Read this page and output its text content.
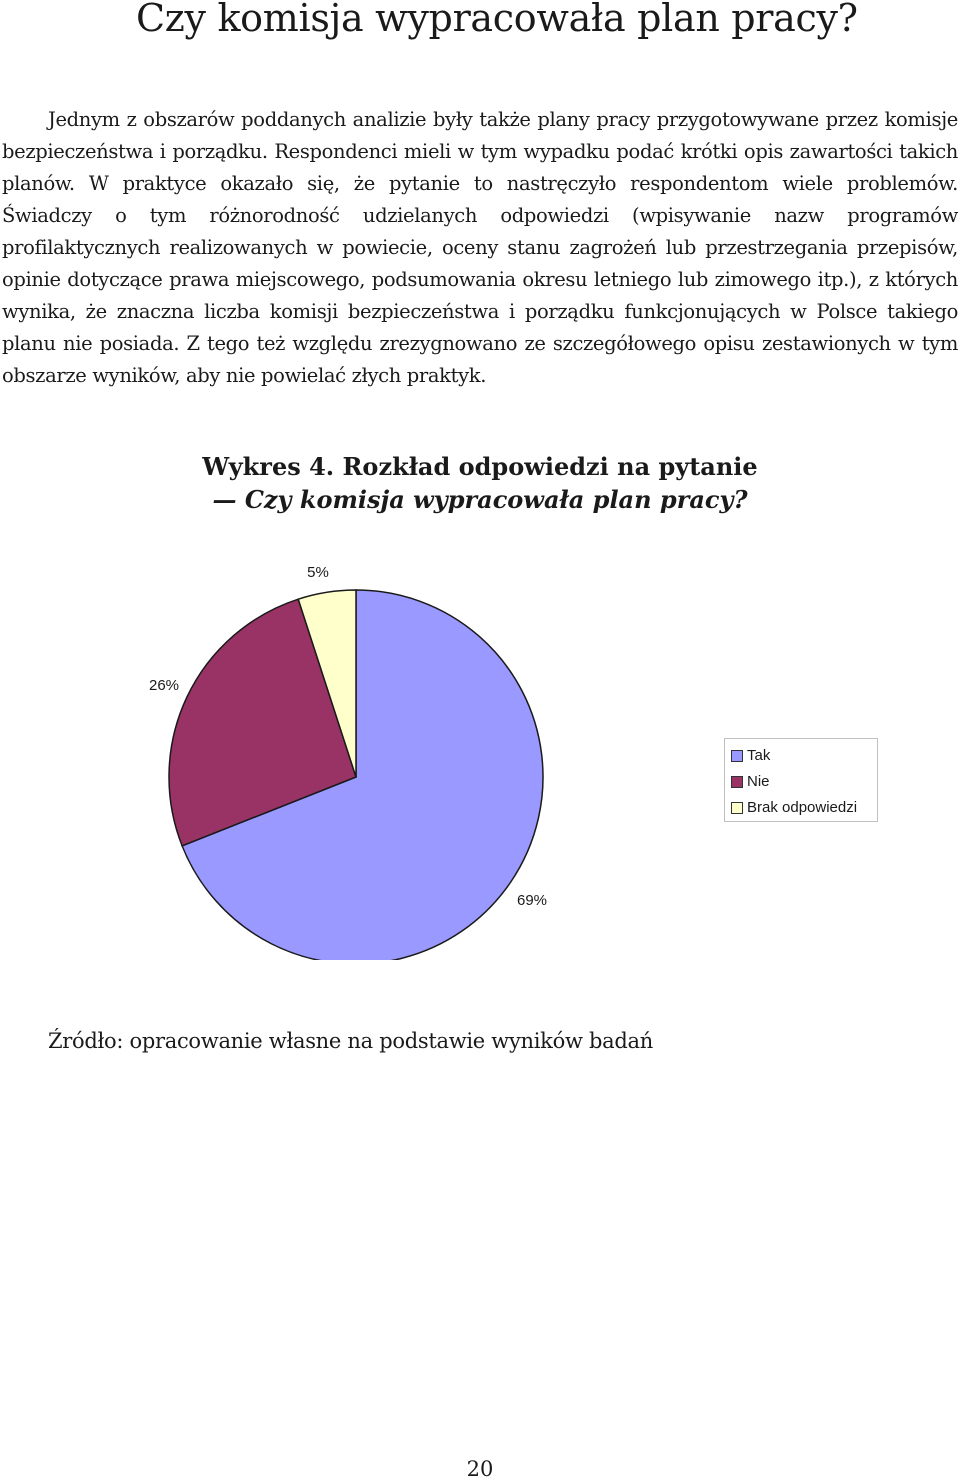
Czy komisja wypracowała plan pracy?

Jednym z obszarów poddanych analizie były także plany pracy przygotowywane przez komisje bezpieczeństwa i porządku. Respondenci mieli w tym wypadku podać krótki opis zawartości takich planów. W praktyce okazało się, że pytanie to nastręczyło respondentom wiele problemów. Świadczy o tym różnorodność udzielanych odpowiedzi (wpisywanie nazw programów profilaktycznych realizowanych w powiecie, oceny stanu zagrożeń lub przestrzegania przepisów, opinie dotyczące prawa miejscowego, podsumowania okresu letniego lub zimowego itp.), z których wynika, że znaczna liczba komisji bezpieczeństwa i porządku funkcjonujących w Polsce takiego planu nie posiada. Z tego też względu zrezygnowano ze szczegółowego opisu zestawionych w tym obszarze wyników, aby nie powielać złych praktyk.

Wykres 4. Rozkład odpowiedzi na pytanie
— Czy komisja wypracowała plan pracy?
69%
26%
5%
Tak
Nie
Brak odpowiedzi

Źródło: opracowanie własne na podstawie wyników badań

20
